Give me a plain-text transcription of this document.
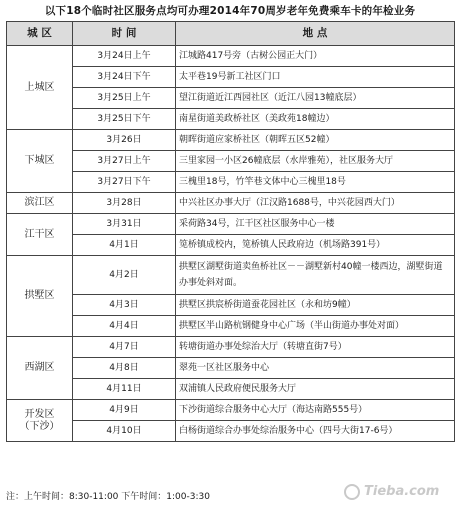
以下18个临时社区服务点均可办理2014年70周岁老年免费乘车卡的年检业务
城 区	时 间	地 点
上城区	3月24日上午	江城路417号旁（古树公园正大门）
	3月24日下午	太平巷19号新工社区门口
	3月25日上午	望江街道近江西园社区（近江八园13幢底层）
	3月25日下午	南星街道美政桥社区（美政苑18幢边）
下城区	3月26日	朝晖街道应家桥社区（朝晖五区52幢）
	3月27日上午	三里家园一小区26幢底层（水岸雅苑），社区服务大厅
	3月27日下午	三槐里18号，竹竿巷文体中心三槐里18号
滨江区	3月28日	中兴社区办事大厅（江汉路1688号，中兴花园西大门）
江干区	3月31日	采荷路34号，江干区社区服务中心一楼
	4月1日	笕桥镇成校内，笕桥镇人民政府边（机场路391号）
拱墅区	4月2日	拱墅区湖墅街道卖鱼桥社区－－湖墅新村40幢一楼西边，湖墅街道办事处斜对面。
	4月3日	拱墅区拱宸桥街道蚕花园社区（永和坊9幢）
	4月4日	拱墅区半山路杭钢健身中心广场（半山街道办事处对面）
西湖区	4月7日	转塘街道办事处综治大厅（转塘直街7号）
	4月8日	翠苑一区社区服务中心
	4月11日	双浦镇人民政府便民服务大厅
开发区
（下沙）	4月9日	下沙街道综合服务中心大厅（海达南路555号）
	4月10日	白杨街道综合办事处综治服务中心（四号大街17-6号）
注：上午时间：8:30-11:00 下午时间：1:00-3:30	Tieba.com
